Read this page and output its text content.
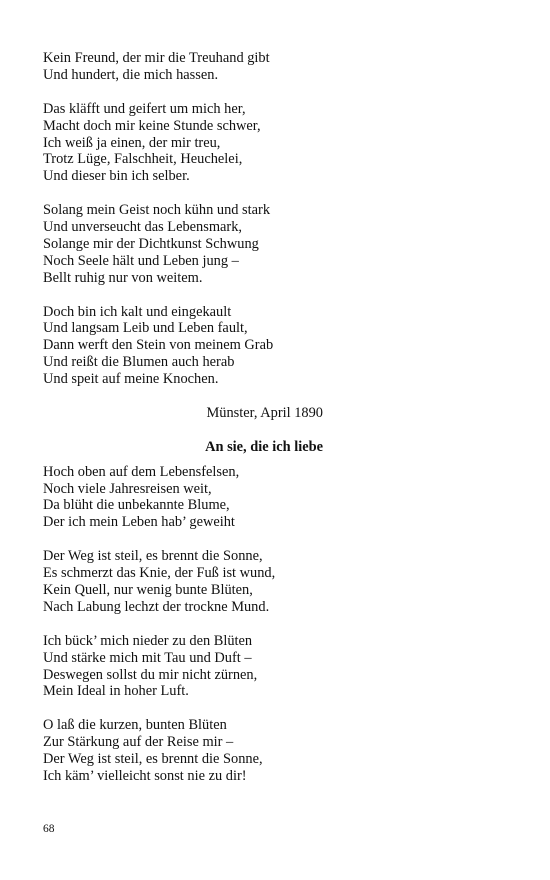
Kein Freund, der mir die Treuhand gibt
Und hundert, die mich hassen.
Das kläfft und geifert um mich her,
Macht doch mir keine Stunde schwer,
Ich weiß ja einen, der mir treu,
Trotz Lüge, Falschheit, Heuchelei,
Und dieser bin ich selber.
Solang mein Geist noch kühn und stark
Und unverseucht das Lebensmark,
Solange mir der Dichtkunst Schwung
Noch Seele hält und Leben jung –
Bellt ruhig nur von weitem.
Doch bin ich kalt und eingekault
Und langsam Leib und Leben fault,
Dann werft den Stein von meinem Grab
Und reißt die Blumen auch herab
Und speit auf meine Knochen.
Münster, April 1890
An sie, die ich liebe
Hoch oben auf dem Lebensfelsen,
Noch viele Jahresreisen weit,
Da blüht die unbekannte Blume,
Der ich mein Leben hab’ geweiht
Der Weg ist steil, es brennt die Sonne,
Es schmerzt das Knie, der Fuß ist wund,
Kein Quell, nur wenig bunte Blüten,
Nach Labung lechzt der trockne Mund.
Ich bück’ mich nieder zu den Blüten
Und stärke mich mit Tau und Duft –
Deswegen sollst du mir nicht zürnen,
Mein Ideal in hoher Luft.
O laß die kurzen, bunten Blüten
Zur Stärkung auf der Reise mir –
Der Weg ist steil, es brennt die Sonne,
Ich käm’ vielleicht sonst nie zu dir!
68
